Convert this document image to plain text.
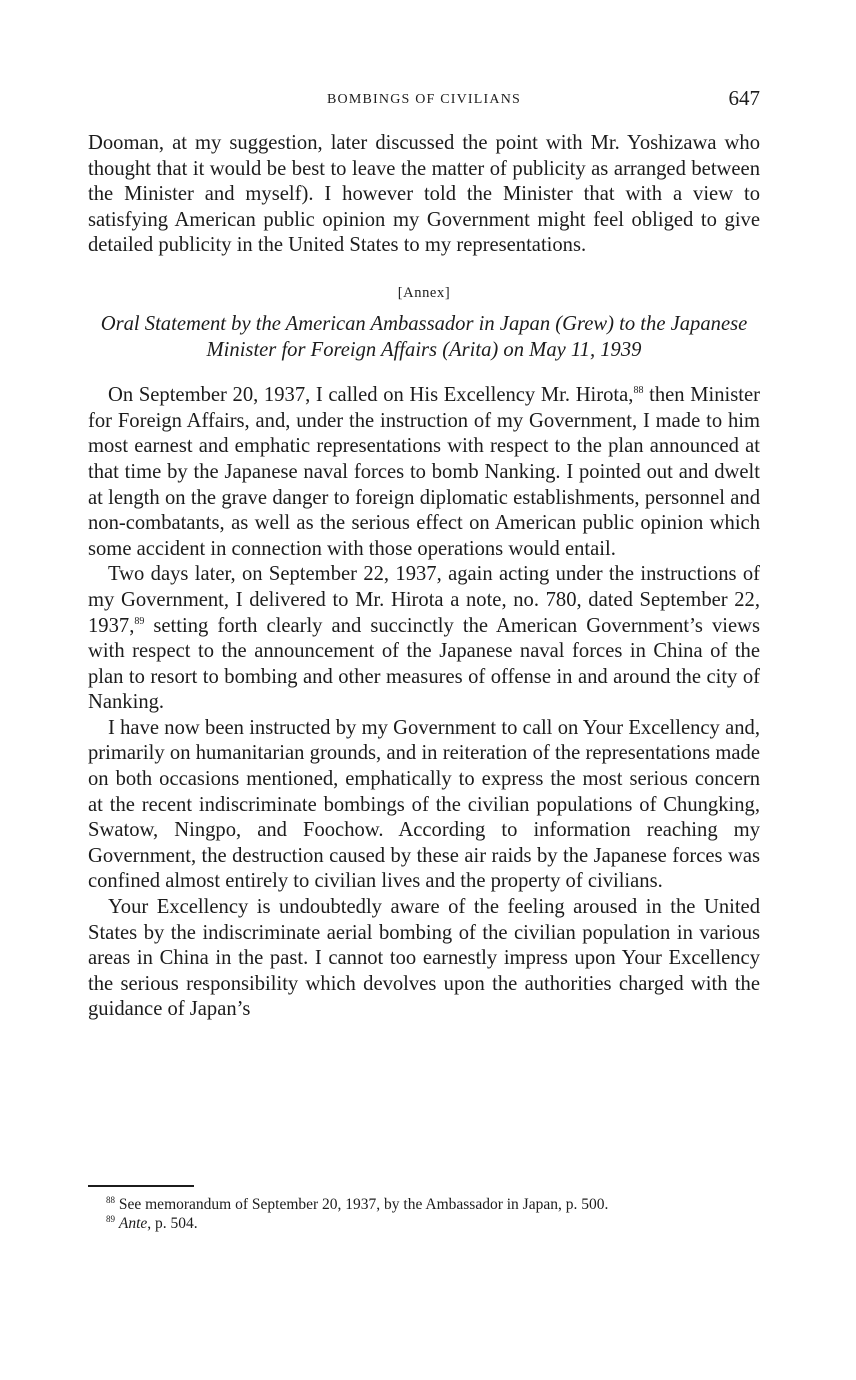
BOMBINGS OF CIVILIANS	647

Dooman, at my suggestion, later discussed the point with Mr. Yoshizawa who thought that it would be best to leave the matter of publicity as arranged between the Minister and myself). I however told the Minister that with a view to satisfying American public opinion my Government might feel obliged to give detailed publicity in the United States to my representations.

[Annex]
Oral Statement by the American Ambassador in Japan (Grew) to the Japanese Minister for Foreign Affairs (Arita) on May 11, 1939

On September 20, 1937, I called on His Excellency Mr. Hirota,$^{88}$ then Minister for Foreign Affairs, and, under the instruction of my Government, I made to him most earnest and emphatic representations with respect to the plan announced at that time by the Japanese naval forces to bomb Nanking. I pointed out and dwelt at length on the grave danger to foreign diplomatic establishments, personnel and non-combatants, as well as the serious effect on American public opinion which some accident in connection with those operations would entail.

Two days later, on September 22, 1937, again acting under the instructions of my Government, I delivered to Mr. Hirota a note, no. 780, dated September 22, 1937,89 setting forth clearly and succinctly the American Government’s views with respect to the announcement of the Japanese naval forces in China of the plan to resort to bombing and other measures of offense in and around the city of Nanking.

I have now been instructed by my Government to call on Your Excellency and, primarily on humanitarian grounds, and in reiteration of the representations made on both occasions mentioned, emphatically to express the most serious concern at the recent indiscriminate bombings of the civilian populations of Chungking, Swatow, Ningpo, and Foochow. According to information reaching my Government, the destruction caused by these air raids by the Japanese forces was confined almost entirely to civilian lives and the property of civilians.

Your Excellency is undoubtedly aware of the feeling aroused in the United States by the indiscriminate aerial bombing of the civilian population in various areas in China in the past. I cannot too earnestly impress upon Your Excellency the serious responsibility which devolves upon the authorities charged with the guidance of Japan’s

$^{88}$ See memorandum of September 20, 1937, by the Ambassador in Japan, p. 500.

$^{89}$ Ante, p. 504.
